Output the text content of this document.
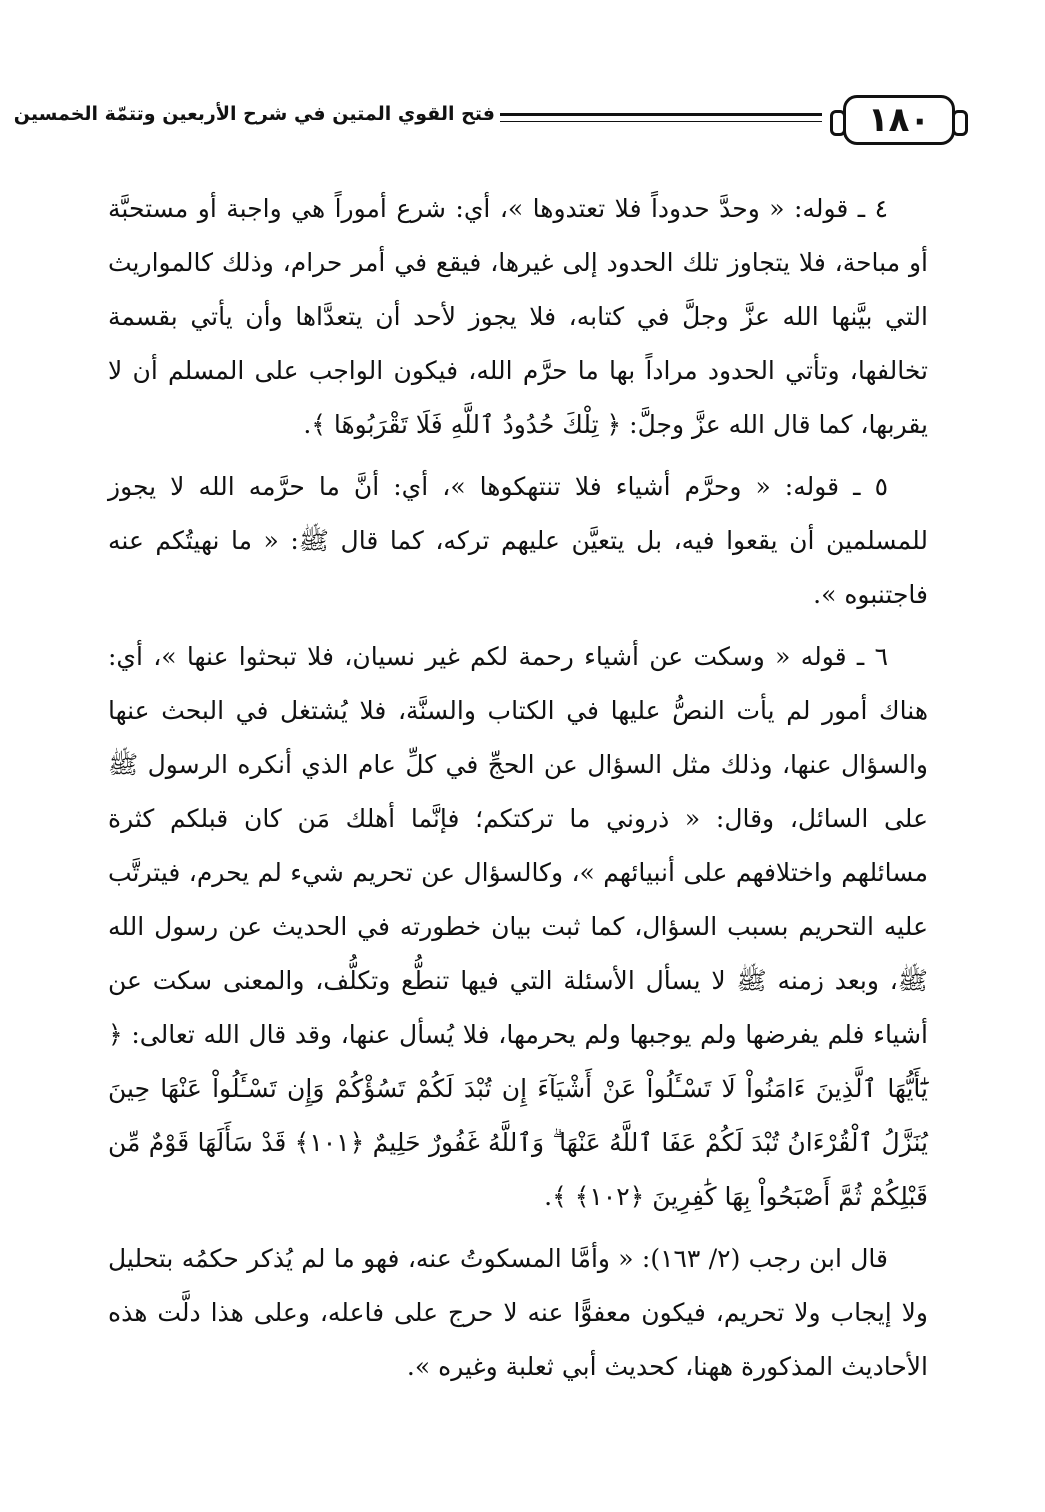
١٨٠
فتح القوي المتين في شرح الأربعين وتتمّة الخمسين

٤ ـ قوله: « وحدَّ حدوداً فلا تعتدوها »، أي: شرع أموراً هي واجبة أو مستحبَّة أو مباحة، فلا يتجاوز تلك الحدود إلى غيرها، فيقع في أمر حرام، وذلك كالمواريث التي بيَّنها الله عزَّ وجلَّ في كتابه، فلا يجوز لأحد أن يتعدَّاها وأن يأتي بقسمة تخالفها، وتأتي الحدود مراداً بها ما حرَّم الله، فيكون الواجب على المسلم أن لا يقربها، كما قال الله عزَّ وجلَّ: ﴿ تِلْكَ حُدُودُ ٱللَّهِ فَلَا تَقْرَبُوهَا ﴾.

٥ ـ قوله: « وحرَّم أشياء فلا تنتهكوها »، أي: أنَّ ما حرَّمه الله لا يجوز للمسلمين أن يقعوا فيه، بل يتعيَّن عليهم تركه، كما قال ﷺ: « ما نهيتُكم عنه فاجتنبوه ».

٦ ـ قوله « وسكت عن أشياء رحمة لكم غير نسيان، فلا تبحثوا عنها »، أي: هناك أمور لم يأت النصُّ عليها في الكتاب والسنَّة، فلا يُشتغل في البحث عنها والسؤال عنها، وذلك مثل السؤال عن الحجِّ في كلِّ عام الذي أنكره الرسول ﷺ على السائل، وقال: « ذروني ما تركتكم؛ فإنَّما أهلك مَن كان قبلكم كثرة مسائلهم واختلافهم على أنبيائهم »، وكالسؤال عن تحريم شيء لم يحرم، فيترتَّب عليه التحريم بسبب السؤال، كما ثبت بيان خطورته في الحديث عن رسول الله ﷺ، وبعد زمنه ﷺ لا يسأل الأسئلة التي فيها تنطُّع وتكلُّف، والمعنى سكت عن أشياء فلم يفرضها ولم يوجبها ولم يحرمها، فلا يُسأل عنها، وقد قال الله تعالى: ﴿ يَٰٓأَيُّهَا ٱلَّذِينَ ءَامَنُواْ لَا تَسْـَٔلُواْ عَنْ أَشْيَآءَ إِن تُبْدَ لَكُمْ تَسُؤْكُمْ وَإِن تَسْـَٔلُواْ عَنْهَا حِينَ يُنَزَّلُ ٱلْقُرْءَانُ تُبْدَ لَكُمْ عَفَا ٱللَّهُ عَنْهَا ۗ وَٱللَّهُ غَفُورٌ حَلِيمٌ ﴿١٠١﴾ قَدْ سَأَلَهَا قَوْمٌ مِّن قَبْلِكُمْ ثُمَّ أَصْبَحُواْ بِهَا كَٰفِرِينَ ﴿١٠٢﴾ ﴾.

قال ابن رجب (٢/ ١٦٣): « وأمَّا المسكوتُ عنه، فهو ما لم يُذكر حكمُه بتحليل ولا إيجاب ولا تحريم، فيكون معفوًّا عنه لا حرج على فاعله، وعلى هذا دلَّت هذه الأحاديث المذكورة ههنا، كحديث أبي ثعلبة وغيره ».
